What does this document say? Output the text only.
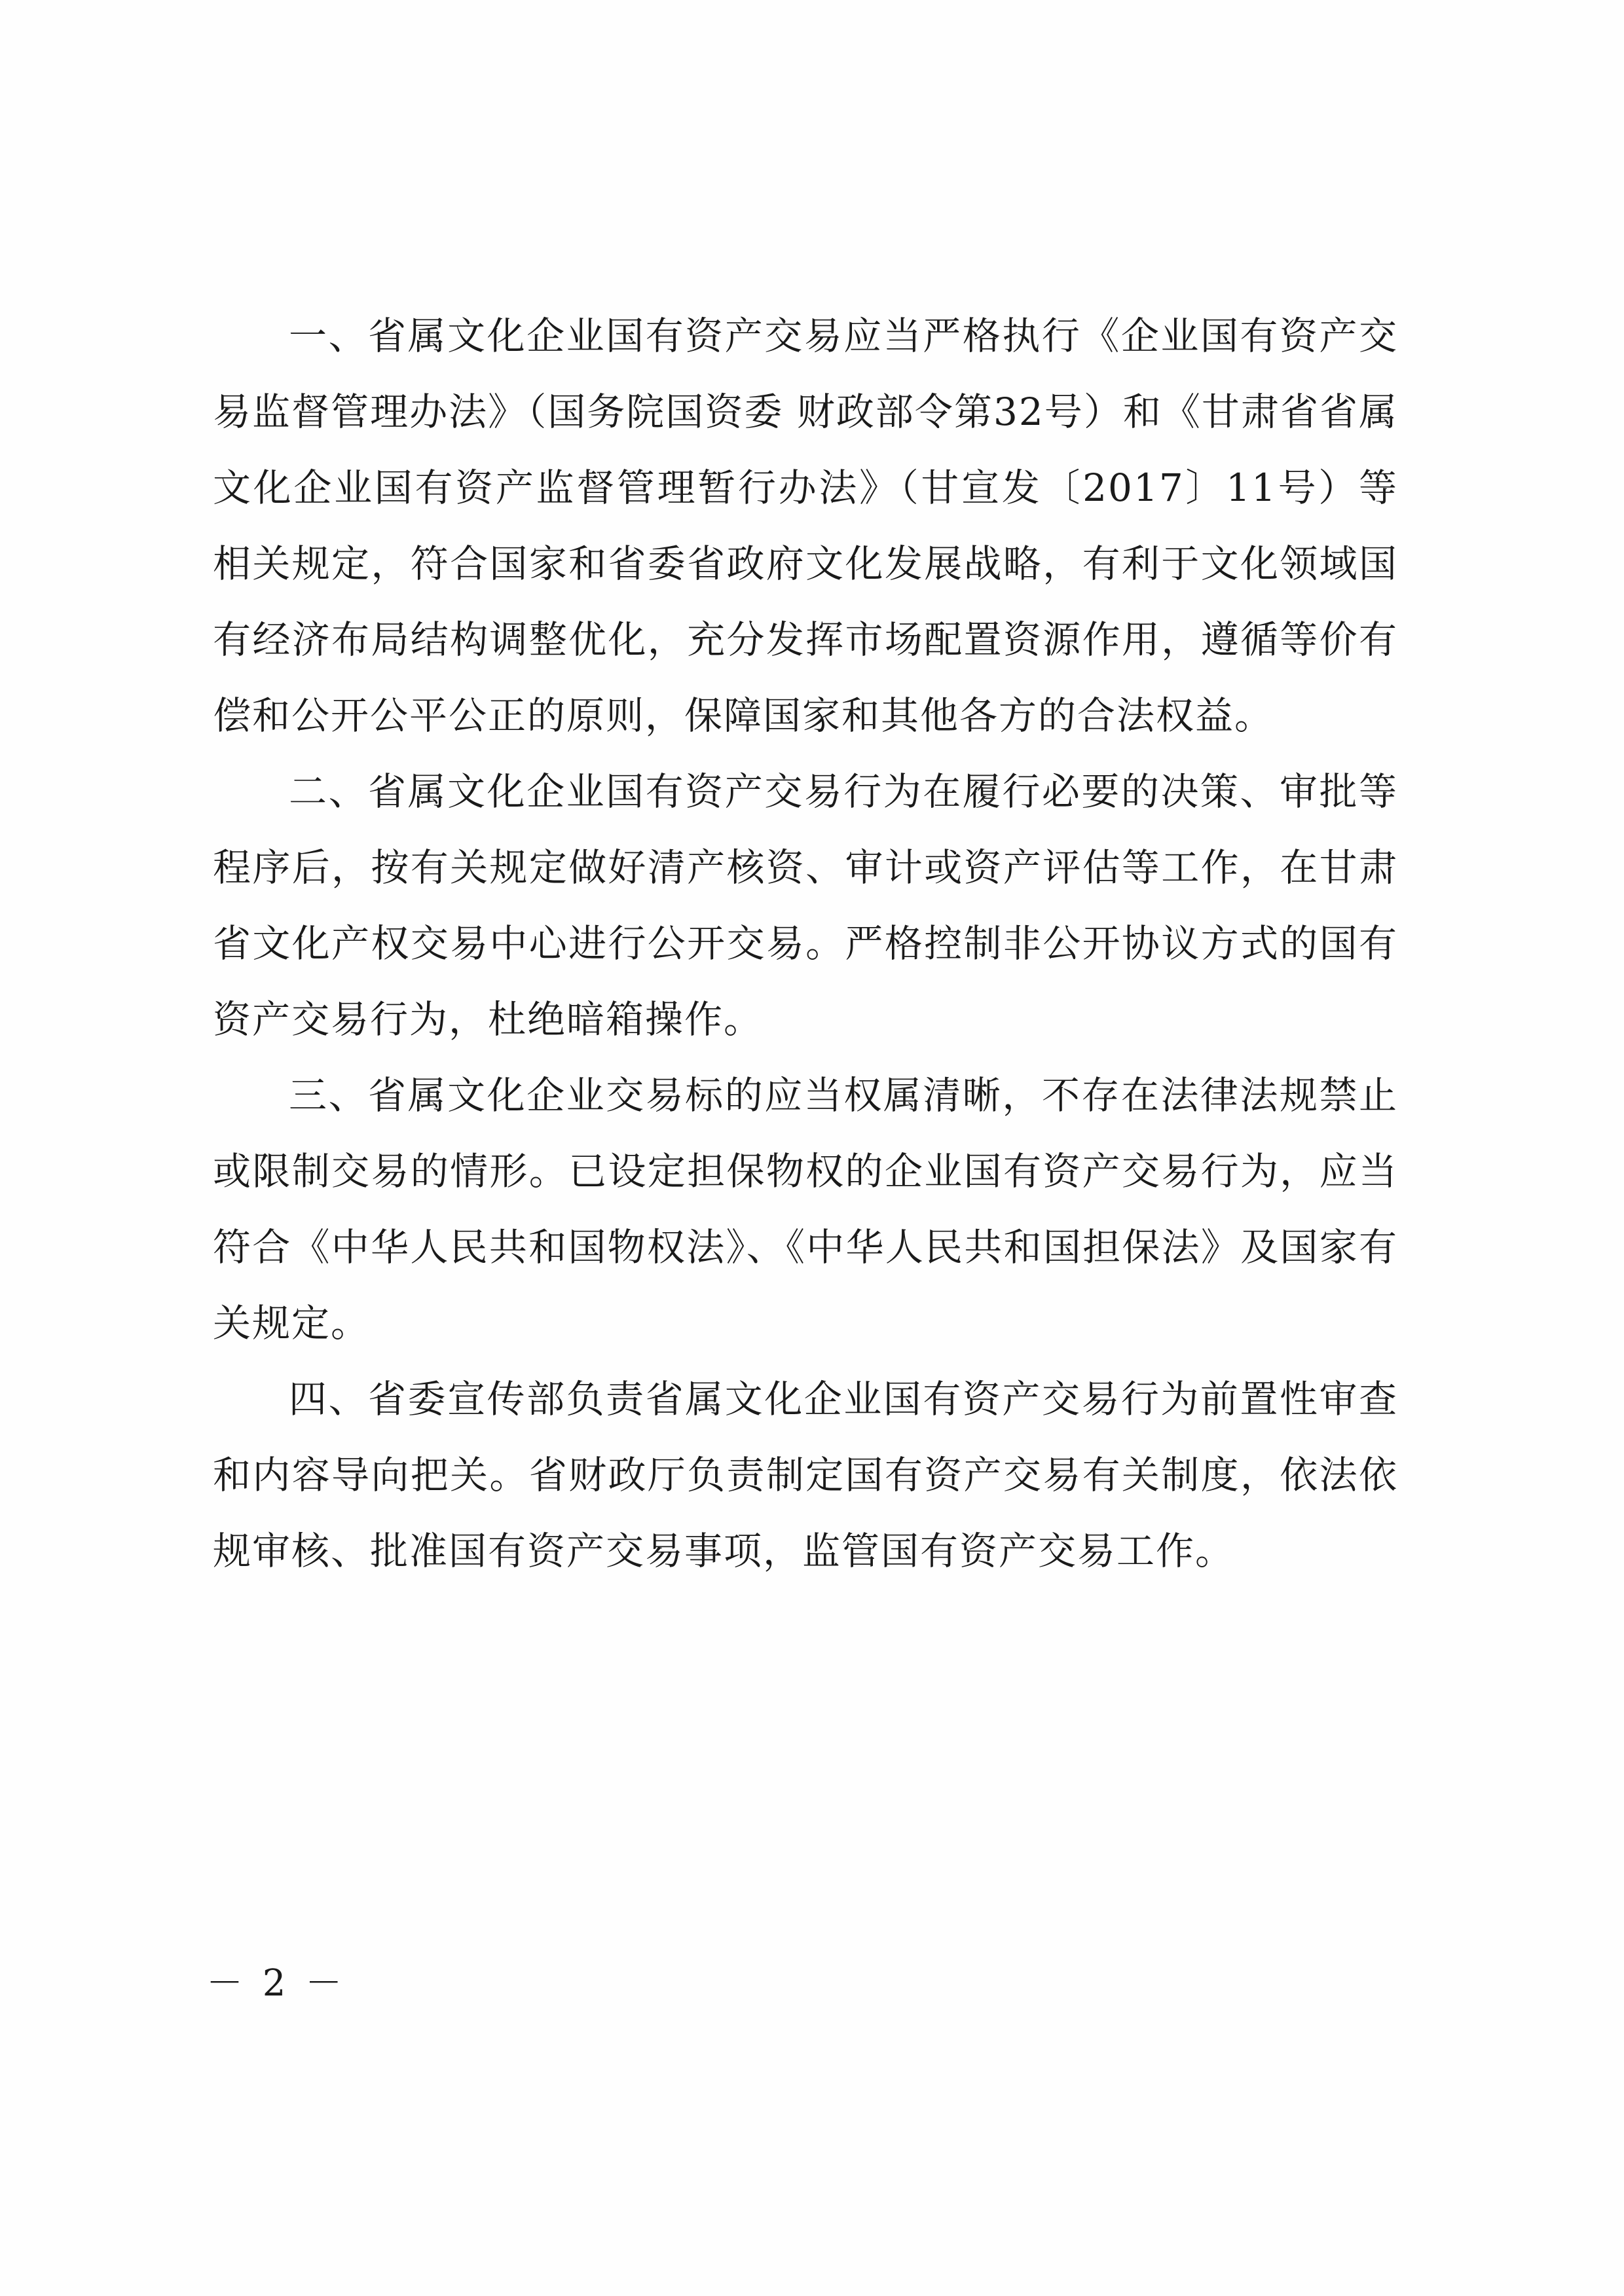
一、省属文化企业国有资产交易应当严格执行《企业国有资产交易监督管理办法》（国务院国资委 财政部令第32号）和《甘肃省省属文化企业国有资产监督管理暂行办法》（甘宣发〔2017〕11号）等相关规定，符合国家和省委省政府文化发展战略，有利于文化领域国有经济布局结构调整优化，充分发挥市场配置资源作用，遵循等价有偿和公开公平公正的原则，保障国家和其他各方的合法权益。

二、省属文化企业国有资产交易行为在履行必要的决策、审批等程序后，按有关规定做好清产核资、审计或资产评估等工作，在甘肃省文化产权交易中心进行公开交易。严格控制非公开协议方式的国有资产交易行为，杜绝暗箱操作。

三、省属文化企业交易标的应当权属清晰，不存在法律法规禁止或限制交易的情形。已设定担保物权的企业国有资产交易行为，应当符合《中华人民共和国物权法》、《中华人民共和国担保法》及国家有关规定。

四、省委宣传部负责省属文化企业国有资产交易行为前置性审查和内容导向把关。省财政厅负责制定国有资产交易有关制度，依法依规审核、批准国有资产交易事项，监管国有资产交易工作。

－ 2 －
